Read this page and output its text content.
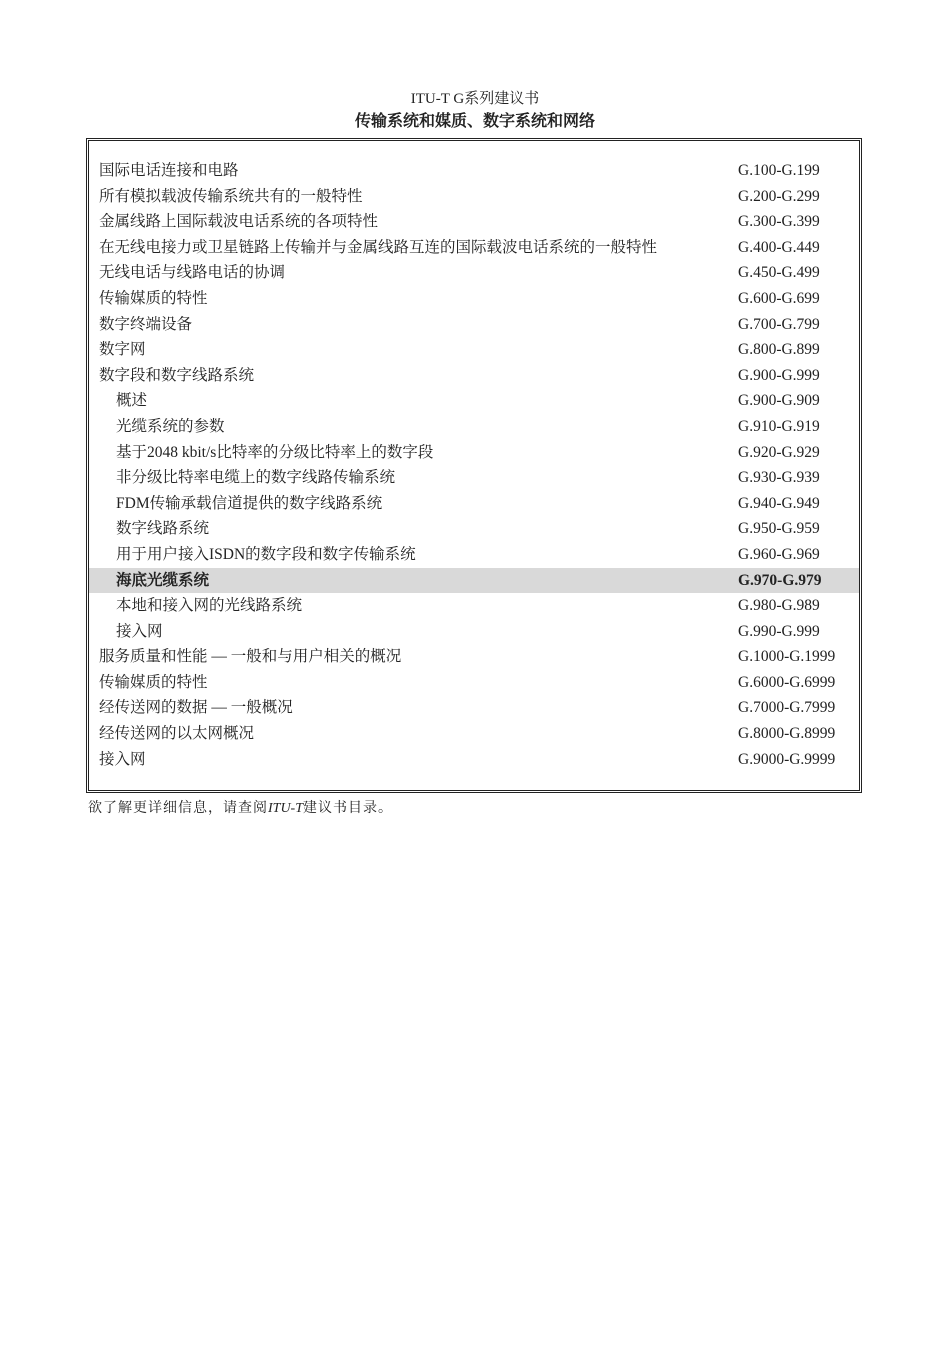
ITU-T G系列建议书
传输系统和媒质、数字系统和网络
国际电话连接和电路	G.100-G.199
所有模拟载波传输系统共有的一般特性	G.200-G.299
金属线路上国际载波电话系统的各项特性	G.300-G.399
在无线电接力或卫星链路上传输并与金属线路互连的国际载波电话系统的一般特性	G.400-G.449
无线电话与线路电话的协调	G.450-G.499
传输媒质的特性	G.600-G.699
数字终端设备	G.700-G.799
数字网	G.800-G.899
数字段和数字线路系统	G.900-G.999
概述	G.900-G.909
光缆系统的参数	G.910-G.919
基于2048 kbit/s比特率的分级比特率上的数字段	G.920-G.929
非分级比特率电缆上的数字线路传输系统	G.930-G.939
FDM传输承载信道提供的数字线路系统	G.940-G.949
数字线路系统	G.950-G.959
用于用户接入ISDN的数字段和数字传输系统	G.960-G.969
海底光缆系统	G.970-G.979
本地和接入网的光线路系统	G.980-G.989
接入网	G.990-G.999
服务质量和性能 — 一般和与用户相关的概况	G.1000-G.1999
传输媒质的特性	G.6000-G.6999
经传送网的数据 — 一般概况	G.7000-G.7999
经传送网的以太网概况	G.8000-G.8999
接入网	G.9000-G.9999
欲了解更详细信息，请查阅ITU-T建议书目录。
